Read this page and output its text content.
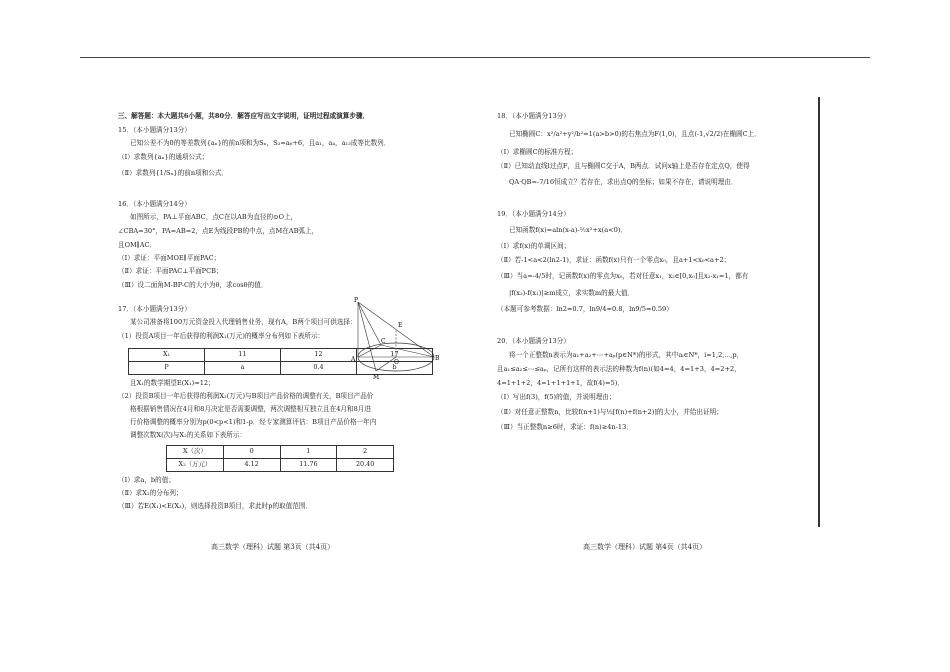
三、解答题：本大题共6小题，共80分．解答应写出文字说明，证明过程或演算步骤．
15．（本小题满分13分）
已知公差不为0的等差数列{aₙ}的前n项和为Sₙ，S₃=a₆+6，且a₁，a₄，a₁₃成等比数列．
（Ⅰ）求数列{aₙ}的通项公式；
（Ⅱ）求数列{1/Sₙ}的前n项和公式．
16．（本小题满分14分）
如图所示，PA⊥平面ABC，点C在以AB为直径的⊙O上，
∠CBA=30°，PA=AB=2，点E为线段PB的中点，点M在AB弧上，
且OM∥AC．
（Ⅰ）求证：平面MOE∥平面PAC；
（Ⅱ）求证：平面PAC⊥平面PCB；
（Ⅲ）设二面角M-BP-C的大小为θ，求cosθ的值．
17．（本小题满分13分）
某公司准备将100万元资金投入代理销售业务，现有A，B两个项目可供选择：
（1）投资A项目一年后获得的利润X₁(万元)的概率分布列如下表所示：
X₁	11	12	17
P	a	0.4	b
且X₁的数学期望E(X₁)=12；
（2）投资B项目一年后获得的利润X₂(万元)与B项目产品价格的调整有关，B项目产品价
格根据销售情况在4月和8月决定是否需要调整，两次调整相互独立且在4月和8月进
行价格调整的概率分别为p(0<p<1)和1-p．经专家测算评估：B项目产品价格一年内
调整次数X(次)与X₂的关系如下表所示：
X（次）	0	1	2
X₂（万元）	4.12	11.76	20.40
（Ⅰ）求a，b的值；
（Ⅱ）求X₂的分布列；
（Ⅲ）若E(X₁)<E(X₂)，则选择投资B项目，求此时p的取值范围．
P
E
C
A	O
B
M
18．（本小题满分13分）
已知椭圆C：x²/a²+y²/b²=1(a>b>0)的右焦点为F(1,0)，且点(-1,√2/2)在椭圆C上．
（Ⅰ）求椭圆C的标准方程；
（Ⅱ）已知动直线l过点F，且与椭圆C交于A，B两点．试问x轴上是否存在定点Q，使得
QA·QB=-7/16恒成立？若存在，求出点Q的坐标；如果不存在，请说明理由．
19．（本小题满分14分）
已知函数f(x)=aln(x-a)-½x²+x(a<0)．
（Ⅰ）求f(x)的单调区间；
（Ⅱ）若-1<a<2(ln2-1)，求证：函数f(x)只有一个零点x₀，且a+1<x₀<a+2；
（Ⅲ）当a=-4/5时，记函数f(x)的零点为x₀，若对任意x₁，x₂∈[0,x₀]且x₂-x₁=1，都有
|f(x₂)-f(x₁)|≥m成立，求实数m的最大值．
（本题可参考数据：ln2≈0.7，ln9/4≈0.8，ln9/5≈0.59）
20．（本小题满分13分）
将一个正整数n表示为a₁+a₂+⋯+aₚ(p∈N*)的形式，其中aᵢ∈N*，i=1,2,⋯,p，
且a₁≤a₂≤⋯≤aₚ，记所有这样的表示法的种数为f(n)(如4=4，4=1+3，4=2+2，
4=1+1+2，4=1+1+1+1，故f(4)=5)．
（Ⅰ）写出f(3)，f(5)的值，并说明理由；
（Ⅱ）对任意正整数n，比较f(n+1)与½[f(n)+f(n+2)]的大小，并给出证明；
（Ⅲ）当正整数n≥6时，求证：f(n)≥4n-13．
高三数学（理科）试题 第3页（共4页）	高三数学（理科）试题 第4页（共4页）
